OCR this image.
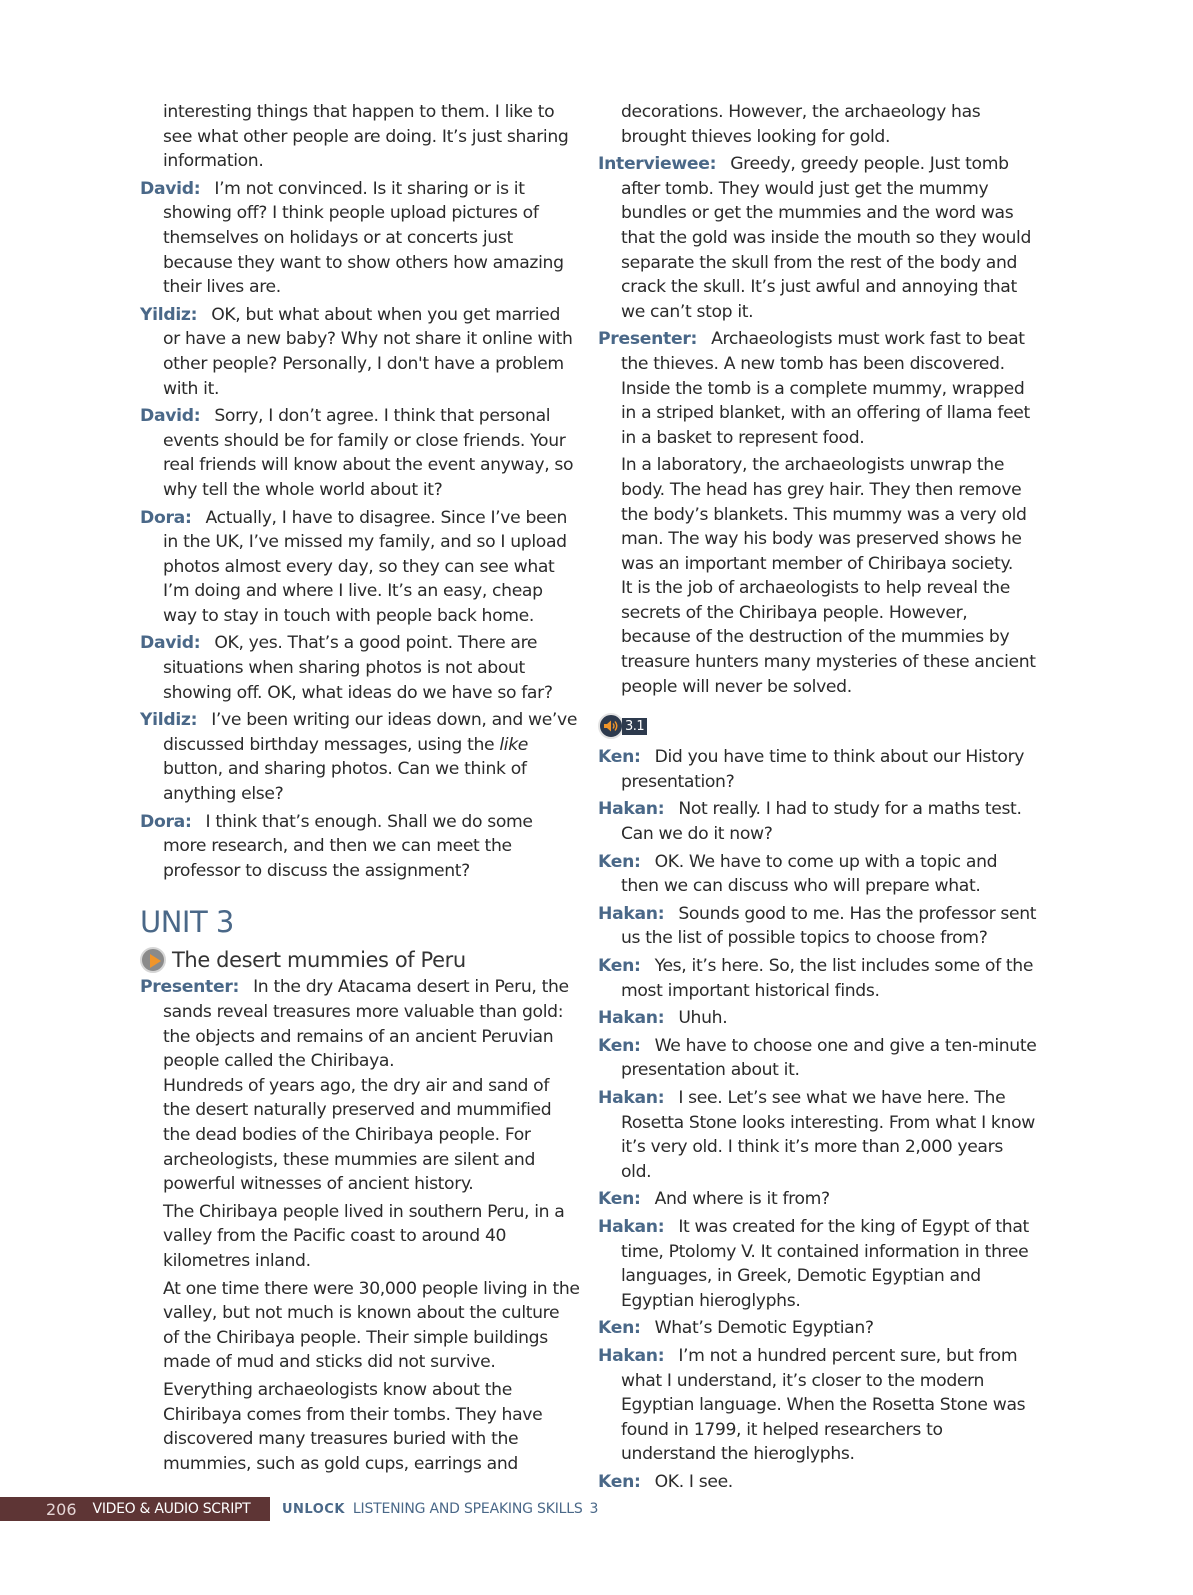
interesting things that happen to them. I like to see what other people are doing. It’s just sharing information.

David: I’m not convinced. Is it sharing or is it showing off? I think people upload pictures of themselves on holidays or at concerts just because they want to show others how amazing their lives are.

Yildiz: OK, but what about when you get married or have a new baby? Why not share it online with other people? Personally, I don't have a problem with it.

David: Sorry, I don’t agree. I think that personal events should be for family or close friends. Your real friends will know about the event anyway, so why tell the whole world about it?

Dora: Actually, I have to disagree. Since I’ve been in the UK, I’ve missed my family, and so I upload photos almost every day, so they can see what I’m doing and where I live. It’s an easy, cheap way to stay in touch with people back home.

David: OK, yes. That’s a good point. There are situations when sharing photos is not about showing off. OK, what ideas do we have so far?

Yildiz: I’ve been writing our ideas down, and we’ve discussed birthday messages, using the like button, and sharing photos. Can we think of anything else?

Dora: I think that’s enough. Shall we do some more research, and then we can meet the professor to discuss the assignment?

UNIT 3
The desert mummies of Peru

Presenter: In the dry Atacama desert in Peru, the sands reveal treasures more valuable than gold: the objects and remains of an ancient Peruvian people called the Chiribaya.

Hundreds of years ago, the dry air and sand of the desert naturally preserved and mummified the dead bodies of the Chiribaya people. For archeologists, these mummies are silent and powerful witnesses of ancient history.

The Chiribaya people lived in southern Peru, in a valley from the Pacific coast to around 40 kilometres inland.

At one time there were 30,000 people living in the valley, but not much is known about the culture of the Chiribaya people. Their simple buildings made of mud and sticks did not survive.

Everything archaeologists know about the Chiribaya comes from their tombs. They have discovered many treasures buried with the mummies, such as gold cups, earrings and

decorations. However, the archaeology has brought thieves looking for gold.

Interviewee: Greedy, greedy people. Just tomb after tomb. They would just get the mummy bundles or get the mummies and the word was that the gold was inside the mouth so they would separate the skull from the rest of the body and crack the skull. It’s just awful and annoying that we can’t stop it.

Presenter: Archaeologists must work fast to beat the thieves. A new tomb has been discovered. Inside the tomb is a complete mummy, wrapped in a striped blanket, with an offering of llama feet in a basket to represent food.

In a laboratory, the archaeologists unwrap the body. The head has grey hair. They then remove the body’s blankets. This mummy was a very old man. The way his body was preserved shows he was an important member of Chiribaya society.

It is the job of archaeologists to help reveal the secrets of the Chiribaya people. However, because of the destruction of the mummies by treasure hunters many mysteries of these ancient people will never be solved.

3.1

Ken: Did you have time to think about our History presentation?

Hakan: Not really. I had to study for a maths test. Can we do it now?

Ken: OK. We have to come up with a topic and then we can discuss who will prepare what.

Hakan: Sounds good to me. Has the professor sent us the list of possible topics to choose from?

Ken: Yes, it’s here. So, the list includes some of the most important historical finds.

Hakan: Uhuh.

Ken: We have to choose one and give a ten-minute presentation about it.

Hakan: I see. Let’s see what we have here. The Rosetta Stone looks interesting. From what I know it’s very old. I think it’s more than 2,000 years old.

Ken: And where is it from?

Hakan: It was created for the king of Egypt of that time, Ptolomy V. It contained information in three languages, in Greek, Demotic Egyptian and Egyptian hieroglyphs.

Ken: What’s Demotic Egyptian?

Hakan: I’m not a hundred percent sure, but from what I understand, it’s closer to the modern Egyptian language. When the Rosetta Stone was found in 1799, it helped researchers to understand the hieroglyphs.

Ken: OK. I see.

206 VIDEO & AUDIO SCRIPT UNLOCK LISTENING AND SPEAKING SKILLS 3
